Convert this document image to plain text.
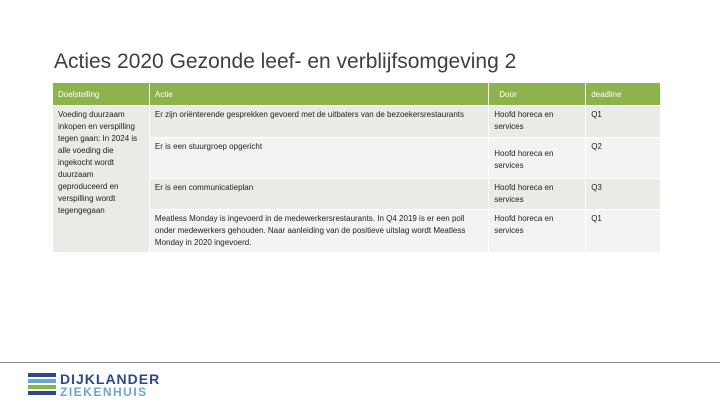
Acties 2020 Gezonde leef- en verblijfsomgeving 2
Doelstelling	Actie	Door	deadline
Voeding duurzaam inkopen en verspilling tegen gaan: In 2024 is alle voeding die ingekocht wordt duurzaam geproduceerd en verspilling wordt tegengegaan	Er zijn oriënterende gesprekken gevoerd met de uitbaters van de bezoekersrestaurants	Hoofd horeca en services	Q1
	Er is een stuurgroep opgericht	Hoofd horeca en services	Q2
	Er is een communicatieplan	Hoofd horeca en services	Q3
	Meatless Monday is ingevoerd in de medewerkersrestaurants. In Q4 2019 is er een poll onder medewerkers gehouden. Naar aanleiding van de positieve uitslag wordt Meatless Monday in 2020 ingevoerd.	Hoofd horeca en services	Q1
DIJKLANDER
ZIEKENHUIS
